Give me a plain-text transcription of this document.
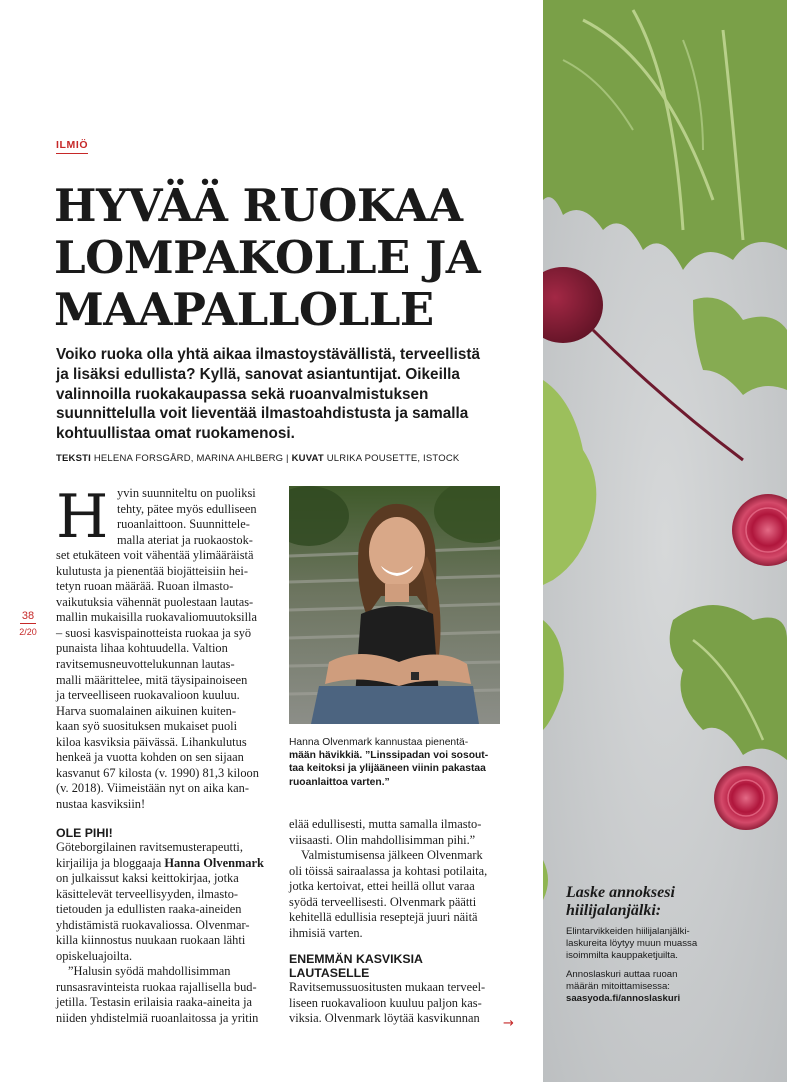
ILMIÖ
HYVÄÄ RUOKAA
LOMPAKOLLE JA
MAAPALLOLLE
Voiko ruoka olla yhtä aikaa ilmastoystävällistä, terveellistä
ja lisäksi edullista? Kyllä, sanovat asiantuntijat. Oikeilla
valinnoilla ruokakaupassa sekä ruoanvalmistuksen
suunnittelulla voit lieventää ilmastoahdistusta ja samalla
kohtuullistaa omat ruokamenosi.
TEKSTI HELENA FORSGÅRD, MARINA AHLBERG | KUVAT ULRIKA POUSETTE, ISTOCK
38
2/20
H yvin suunniteltu on puoliksi
tehty, pätee myös edulliseen
ruoanlaittoon. Suunnittele-
malla ateriat ja ruokaostok-
set etukäteen voit vähentää ylimääräistä
kulutusta ja pienentää biojätteisiin hei-
tetyn ruoan määrää. Ruoan ilmasto-
vaikutuksia vähennät puolestaan lautas-
mallin mukaisilla ruokavaliomuutoksilla
– suosi kasvispainotteista ruokaa ja syö
punaista lihaa kohtuudella. Valtion
ravitsemusneuvottelukunnan lautas-
malli määrittelee, mitä täysipainoiseen
ja terveelliseen ruokavalioon kuuluu.
Harva suomalainen aikuinen kuiten-
kaan syö suosituksen mukaiset puoli
kiloa kasviksia päivässä. Lihankulutus
henkeä ja vuotta kohden on sen sijaan
kasvanut 67 kilosta (v. 1990) 81,3 kiloon
(v. 2018). Viimeistään nyt on aika kan-
nustaa kasviksiin!
OLE PIHI!
Göteborgilainen ravitsemusterapeutti,
kirjailija ja bloggaaja Hanna Olvenmark
on julkaissut kaksi keittokirjaa, jotka
käsittelevät terveellisyyden, ilmasto-
tietouden ja edullisten raaka-aineiden
yhdistämistä ruokavaliossa. Olvenmar-
killa kiinnostus nuukaan ruokaan lähti
opiskeluajoilta.
”Halusin syödä mahdollisimman
runsasravinteista ruokaa rajallisella bud-
jetilla. Testasin erilaisia raaka-aineita ja
niiden yhdistelmiä ruoanlaitossa ja yritin
Hanna Olvenmark kannustaa pienentä-
mään hävikkiä. ”Linssipadan voi sosout-
taa keitoksi ja ylijääneen viinin pakastaa
ruoanlaittoa varten.”
elää edullisesti, mutta samalla ilmasto-
viisaasti. Olin mahdollisimman pihi.”
Valmistumisensa jälkeen Olvenmark
oli töissä sairaalassa ja kohtasi potilaita,
jotka kertoivat, ettei heillä ollut varaa
syödä terveellisesti. Olvenmark päätti
kehitellä edullisia reseptejä juuri näitä
ihmisiä varten.
ENEMMÄN KASVIKSIA
LAUTASELLE
Ravitsemussuositusten mukaan terveel-
liseen ruokavalioon kuuluu paljon kas-
viksia. Olvenmark löytää kasvikunnan	→
Laske annoksesi
hiilijalanjälki:
Elintarvikkeiden hiilijalanjälki-
laskureita löytyy muun muassa
isoimmilta kauppaketjuilta.
Annoslaskuri auttaa ruoan
määrän mitoittamisessa:
saasyoda.fi/annoslaskuri
